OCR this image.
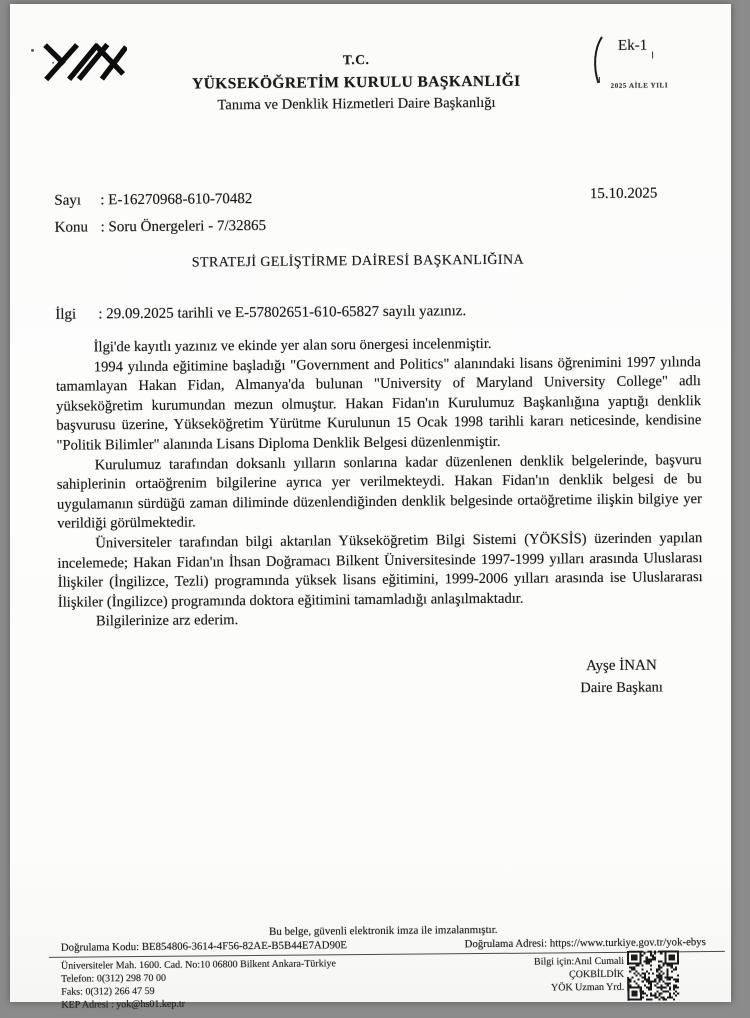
T.C.
YÜKSEKÖĞRETİM KURULU BAŞKANLIĞI
Tanıma ve Denklik Hizmetleri Daire Başkanlığı
Ek-1
2025 AİLE YILI
Sayı : E-16270968-610-70482
Konu : Soru Önergeleri - 7/32865
15.10.2025
STRATEJİ GELİŞTİRME DAİRESİ BAŞKANLIĞINA
İlgi : 29.09.2025 tarihli ve E-57802651-610-65827 sayılı yazınız.

İlgi'de kayıtlı yazınız ve ekinde yer alan soru önergesi incelenmiştir.

1994 yılında eğitimine başladığı "Government and Politics" alanındaki lisans öğrenimini 1997 yılında tamamlayan Hakan Fidan, Almanya'da bulunan "University of Maryland University College" adlı yükseköğretim kurumundan mezun olmuştur. Hakan Fidan'ın Kurulumuz Başkanlığına yaptığı denklik başvurusu üzerine, Yükseköğretim Yürütme Kurulunun 15 Ocak 1998 tarihli kararı neticesinde, kendisine "Politik Bilimler" alanında Lisans Diploma Denklik Belgesi düzenlenmiştir.

Kurulumuz tarafından doksanlı yılların sonlarına kadar düzenlenen denklik belgelerinde, başvuru sahiplerinin ortaöğrenim bilgilerine ayrıca yer verilmekteydi. Hakan Fidan'ın denklik belgesi de bu uygulamanın sürdüğü zaman diliminde düzenlendiğinden denklik belgesinde ortaöğretime ilişkin bilgiye yer verildiği görülmektedir.

Üniversiteler tarafından bilgi aktarılan Yükseköğretim Bilgi Sistemi (YÖKSİS) üzerinden yapılan incelemede; Hakan Fidan'ın İhsan Doğramacı Bilkent Üniversitesinde 1997-1999 yılları arasında Uluslarası İlişkiler (İngilizce, Tezli) programında yüksek lisans eğitimini, 1999-2006 yılları arasında ise Uluslararası İlişkiler (İngilizce) programında doktora eğitimini tamamladığı anlaşılmaktadır.

Bilgilerinize arz ederim.

Ayşe İNAN
Daire Başkanı
Bu belge, güvenli elektronik imza ile imzalanmıştır.
Doğrulama Kodu: BE854806-3614-4F56-82AE-B5B44E7AD90E	Doğrulama Adresi: https://www.turkiye.gov.tr/yok-ebys
Üniversiteler Mah. 1600. Cad. No:10 06800 Bilkent Ankara-Türkiye
Telefon: 0(312) 298 70 00
Faks: 0(312) 266 47 59
KEP Adresi : yok@hs01.kep.tr
Bilgi için:Anıl Cumali
ÇOKBİLDİK
YÖK Uzman Yrd.
